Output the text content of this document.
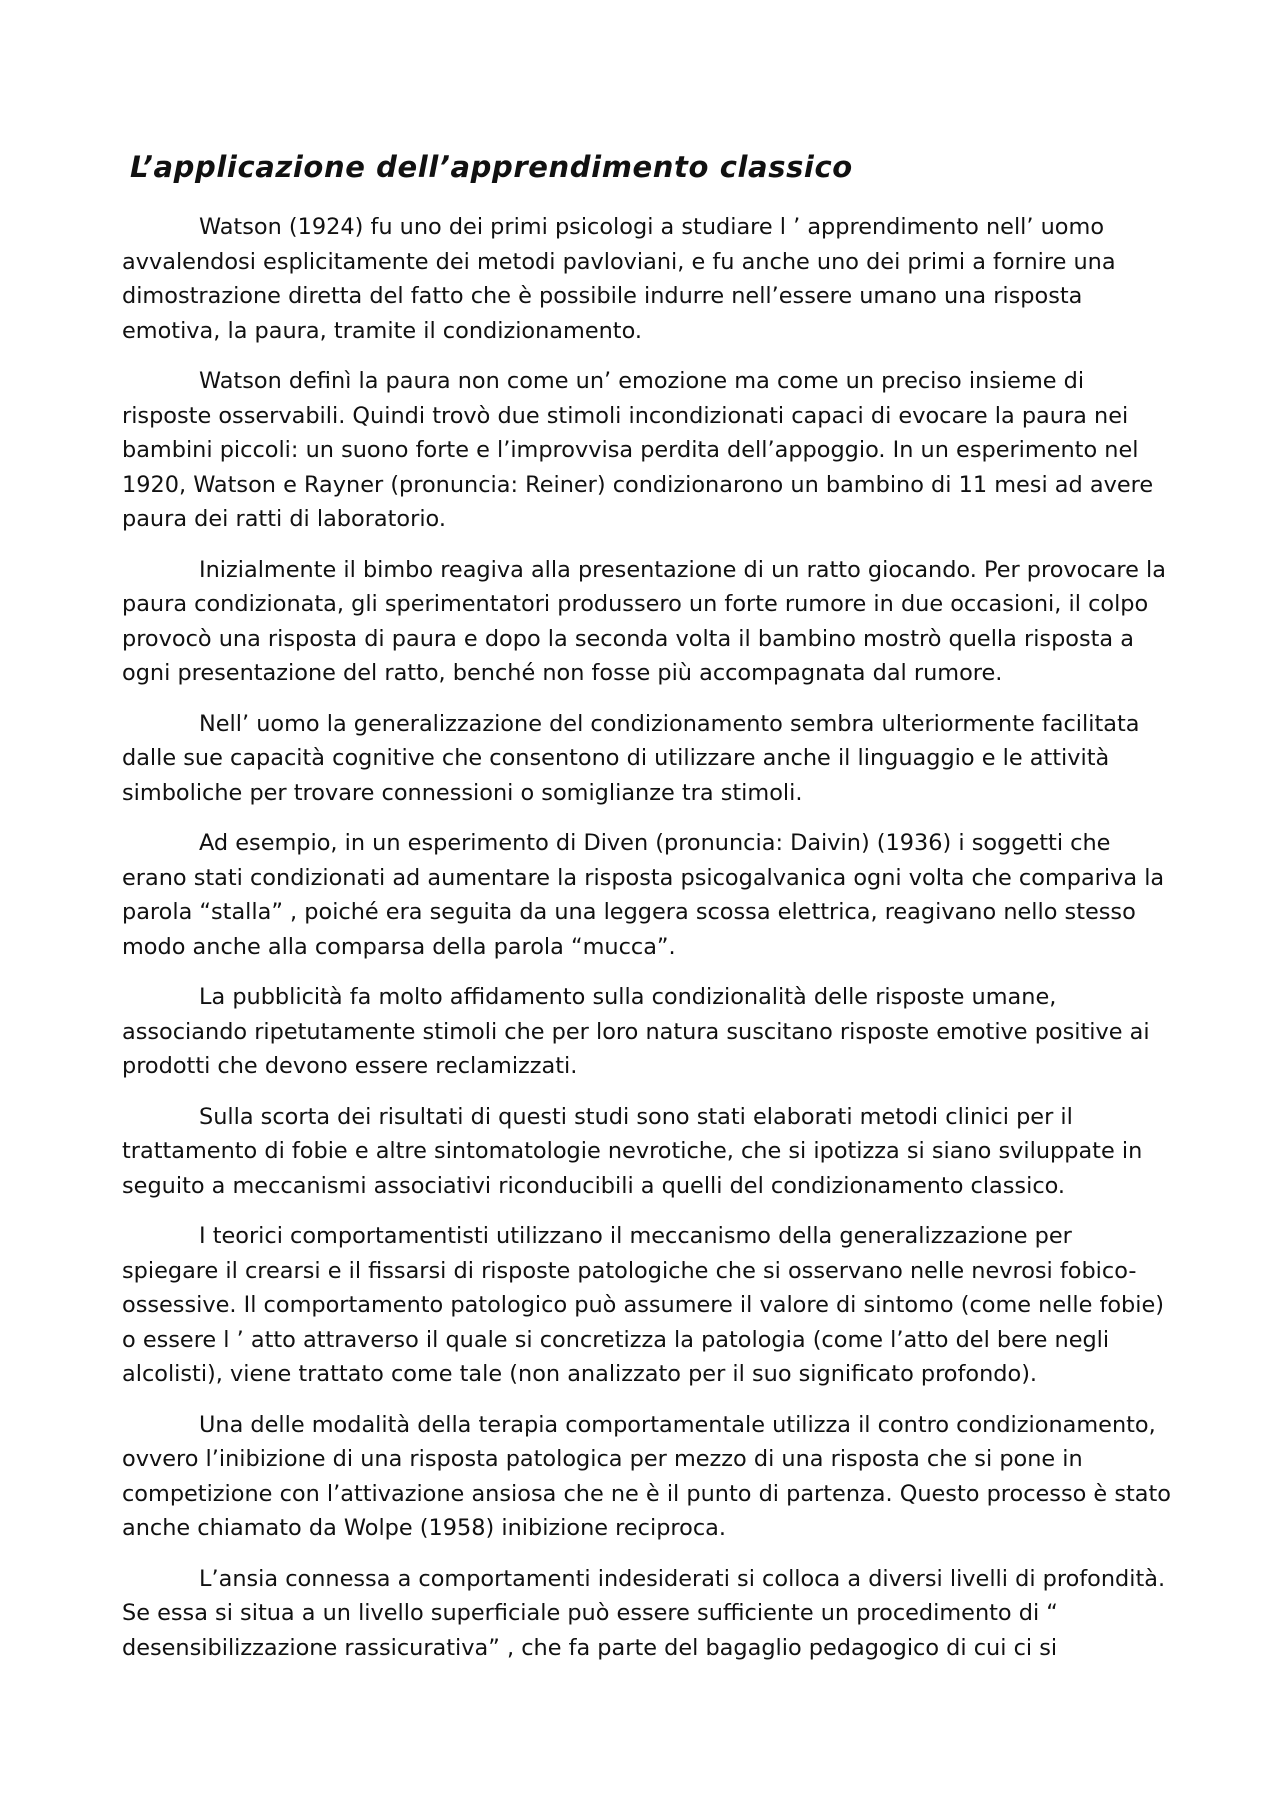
L’applicazione dell’apprendimento classico

Watson (1924) fu uno dei primi psicologi a studiare l ’ apprendimento nell’ uomo avvalendosi esplicitamente dei metodi pavloviani, e fu anche uno dei primi a fornire una dimostrazione diretta del fatto che è possibile indurre nell’essere umano una risposta emotiva, la paura, tramite il condizionamento.

Watson definì la paura non come un’ emozione ma come un preciso insieme di risposte osservabili. Quindi trovò due stimoli incondizionati capaci di evocare la paura nei bambini piccoli: un suono forte e l’improvvisa perdita dell’appoggio. In un esperimento nel 1920, Watson e Rayner (pronuncia: Reiner) condizionarono un bambino di 11 mesi ad avere paura dei ratti di laboratorio.

Inizialmente il bimbo reagiva alla presentazione di un ratto giocando. Per provocare la paura condizionata, gli sperimentatori produssero un forte rumore in due occasioni, il colpo provocò una risposta di paura e dopo la seconda volta il bambino mostrò quella risposta a ogni presentazione del ratto, benché non fosse più accompagnata dal rumore.

Nell’ uomo la generalizzazione del condizionamento sembra ulteriormente facilitata dalle sue capacità cognitive che consentono di utilizzare anche il linguaggio e le attività simboliche per trovare connessioni o somiglianze tra stimoli.

Ad esempio, in un esperimento di Diven (pronuncia: Daivin) (1936) i soggetti che erano stati condizionati ad aumentare la risposta psicogalvanica ogni volta che compariva la parola “stalla” , poiché era seguita da una leggera scossa elettrica, reagivano nello stesso modo anche alla comparsa della parola “mucca”.

La pubblicità fa molto affidamento sulla condizionalità delle risposte umane, associando ripetutamente stimoli che per loro natura suscitano risposte emotive positive ai prodotti che devono essere reclamizzati.

Sulla scorta dei risultati di questi studi sono stati elaborati metodi clinici per il trattamento di fobie e altre sintomatologie nevrotiche, che si ipotizza si siano sviluppate in seguito a meccanismi associativi riconducibili a quelli del condizionamento classico.

I teorici comportamentisti utilizzano il meccanismo della generalizzazione per spiegare il crearsi e il fissarsi di risposte patologiche che si osservano nelle nevrosi fobico-ossessive. Il comportamento patologico può assumere il valore di sintomo (come nelle fobie) o essere l ’ atto attraverso il quale si concretizza la patologia (come l’atto del bere negli alcolisti), viene trattato come tale (non analizzato per il suo significato profondo).

Una delle modalità della terapia comportamentale utilizza il contro condizionamento, ovvero l’inibizione di una risposta patologica per mezzo di una risposta che si pone in competizione con l’attivazione ansiosa che ne è il punto di partenza. Questo processo è stato anche chiamato da Wolpe (1958) inibizione reciproca.

L’ansia connessa a comportamenti indesiderati si colloca a diversi livelli di profondità. Se essa si situa a un livello superficiale può essere sufficiente un procedimento di “ desensibilizzazione rassicurativa” , che fa parte del bagaglio pedagogico di cui ci si
